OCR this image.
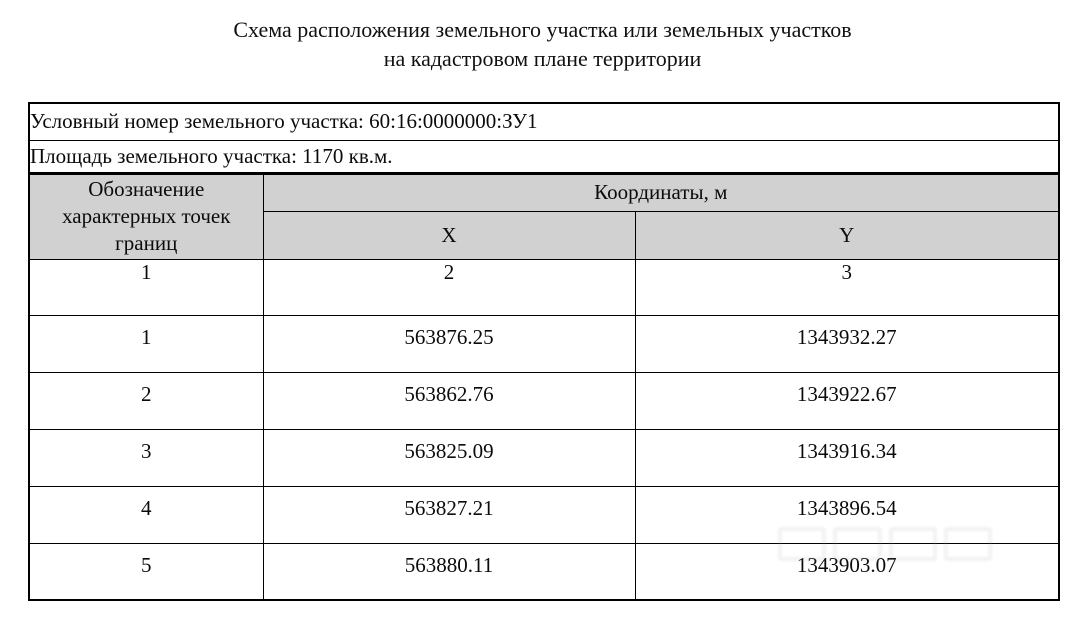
Схема расположения земельного участка или земельных участков
на кадастровом плане территории
Условный номер земельного участка: 60:16:0000000:ЗУ1		
Площадь земельного участка: 1170 кв.м.		
Обозначение характерных точек границ	Координаты, м	
	X	Y
1	2	3
1	563876.25	1343932.27
2	563862.76	1343922.67
3	563825.09	1343916.34
4	563827.21	1343896.54
5	563880.11	1343903.07
